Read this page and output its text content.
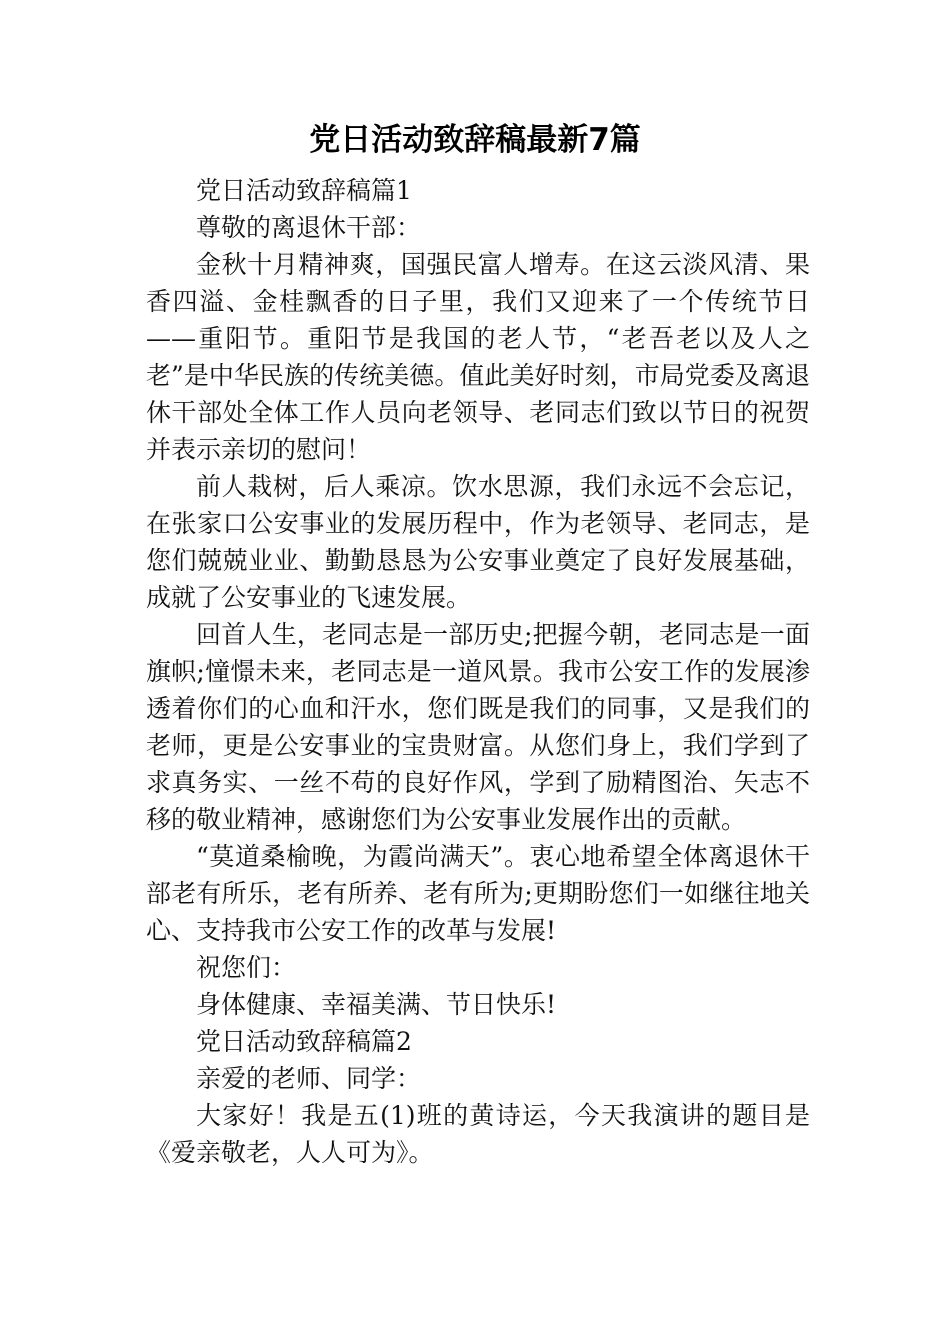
党日活动致辞稿最新7篇

党日活动致辞稿篇1

尊敬的离退休干部：

金秋十月精神爽，国强民富人增寿。在这云淡风清、果香四溢、金桂飘香的日子里，我们又迎来了一个传统节日——重阳节。重阳节是我国的老人节，“老吾老以及人之老”是中华民族的传统美德。值此美好时刻，市局党委及离退休干部处全体工作人员向老领导、老同志们致以节日的祝贺并表示亲切的慰问！

前人栽树，后人乘凉。饮水思源，我们永远不会忘记，在张家口公安事业的发展历程中，作为老领导、老同志，是您们兢兢业业、勤勤恳恳为公安事业奠定了良好发展基础，成就了公安事业的飞速发展。

回首人生，老同志是一部历史;把握今朝，老同志是一面旗帜;憧憬未来，老同志是一道风景。我市公安工作的发展渗透着你们的心血和汗水，您们既是我们的同事，又是我们的老师，更是公安事业的宝贵财富。从您们身上，我们学到了求真务实、一丝不苟的良好作风，学到了励精图治、矢志不移的敬业精神，感谢您们为公安事业发展作出的贡献。

“莫道桑榆晚，为霞尚满天”。衷心地希望全体离退休干部老有所乐，老有所养、老有所为;更期盼您们一如继往地关心、支持我市公安工作的改革与发展!

祝您们：

身体健康、幸福美满、节日快乐!

党日活动致辞稿篇2

亲爱的老师、同学：

大家好！我是五(1)班的黄诗运，今天我演讲的题目是《爱亲敬老，人人可为》。
